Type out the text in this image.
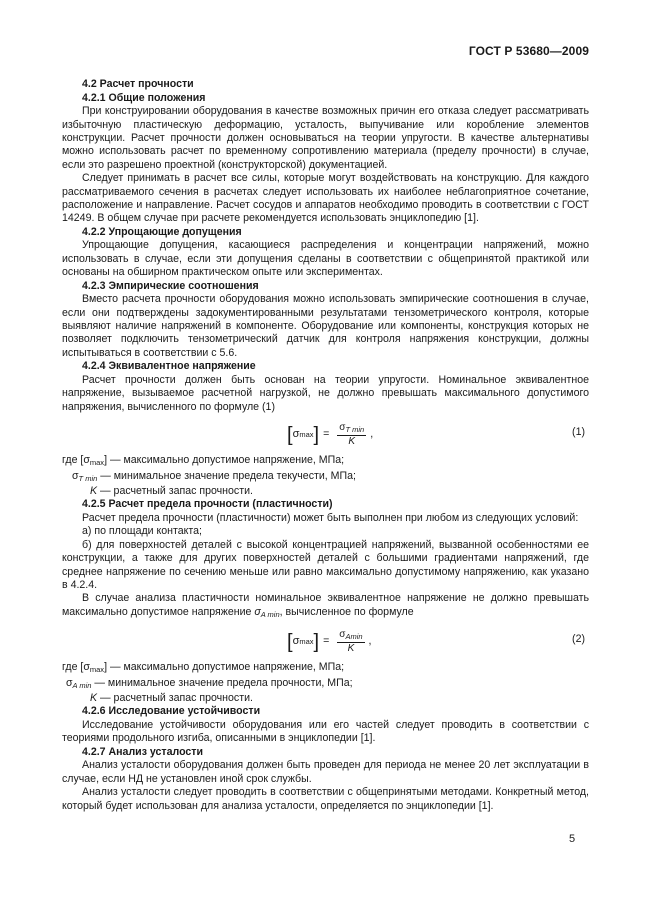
ГОСТ Р 53680—2009
4.2 Расчет прочности
4.2.1 Общие положения

При конструировании оборудования в качестве возможных причин его отказа следует рассматривать избыточную пластическую деформацию, усталость, выпучивание или коробление элементов конструкции. Расчет прочности должен основываться на теории упругости. В качестве альтернативы можно использовать расчет по временному сопротивлению материала (пределу прочности) в случае, если это разрешено проектной (конструкторской) документацией.

Следует принимать в расчет все силы, которые могут воздействовать на конструкцию. Для каждого рассматриваемого сечения в расчетах следует использовать их наиболее неблагоприятное сочетание, расположение и направление. Расчет сосудов и аппаратов необходимо проводить в соответствии с ГОСТ 14249. В общем случае при расчете рекомендуется использовать энциклопедию [1].

4.2.2 Упрощающие допущения

Упрощающие допущения, касающиеся распределения и концентрации напряжений, можно использовать в случае, если эти допущения сделаны в соответствии с общепринятой практикой или основаны на обширном практическом опыте или экспериментах.

4.2.3 Эмпирические соотношения

Вместо расчета прочности оборудования можно использовать эмпирические соотношения в случае, если они подтверждены задокументированными результатами тензометрического контроля, которые выявляют наличие напряжений в компоненте. Оборудование или компоненты, конструкция которых не позволяет подключить тензометрический датчик для контроля напряжения конструкции, должны испытываться в соответствии с 5.6.

4.2.4 Эквивалентное напряжение

Расчет прочности должен быть основан на теории упругости. Номинальное эквивалентное напряжение, вызываемое расчетной нагрузкой, не должно превышать максимального допустимого напряжения, вычисленного по формуле (1)

[ σ max ] = $\frac{\sigma_{T min}}{K}$ ,	(1)
где $[\sigma_{max}]$ — максимально допустимое напряжение, МПа;
$\sigma_{T min}$ — минимальное значение предела текучести, МПа;
K — расчетный запас прочности.
4.2.5 Расчет предела прочности (пластичности)

Расчет предела прочности (пластичности) может быть выполнен при любом из следующих условий:

а) по площади контакта;

б) для поверхностей деталей с высокой концентрацией напряжений, вызванной особенностями ее конструкции, а также для других поверхностей деталей с большими градиентами напряжений, где среднее напряжение по сечению меньше или равно максимально допустимому напряжению, как указано в 4.2.4.

В случае анализа пластичности номинальное эквивалентное напряжение не должно превышать максимально допустимое напряжение $\sigma_{A min}$, вычисленное по формуле

[ σ max ] = $\frac{\sigma_{Amin}}{K}$ ,	(2)
где $[\sigma_{max}]$ — максимально допустимое напряжение, МПа;
$\sigma_{A min}$ — минимальное значение предела прочности, МПа;
K — расчетный запас прочности.
4.2.6 Исследование устойчивости

Исследование устойчивости оборудования или его частей следует проводить в соответствии с теориями продольного изгиба, описанными в энциклопедии [1].

4.2.7 Анализ усталости

Анализ усталости оборудования должен быть проведен для периода не менее 20 лет эксплуатации в случае, если НД не установлен иной срок службы.

Анализ усталости следует проводить в соответствии с общепринятыми методами. Конкретный метод, который будет использован для анализа усталости, определяется по энциклопедии [1].

5
